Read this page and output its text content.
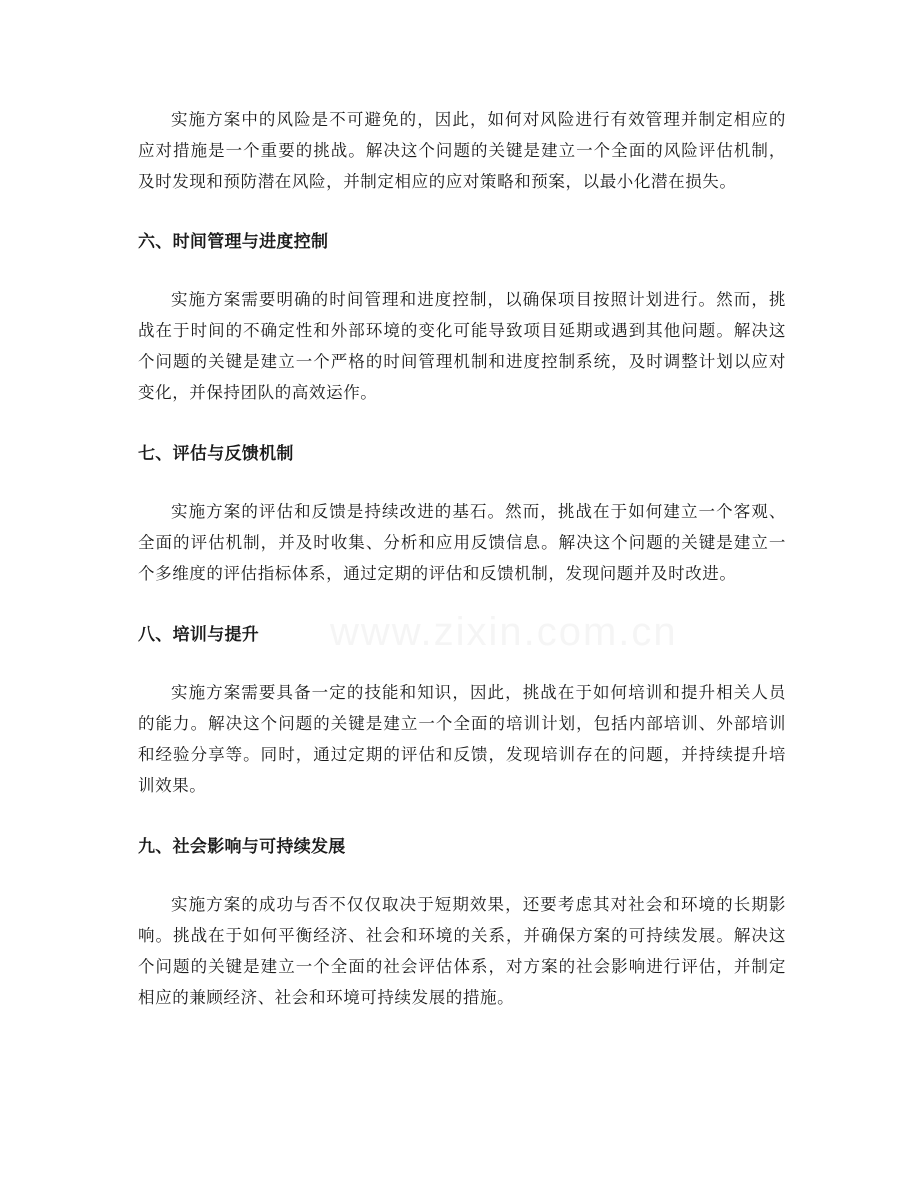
www.zixin.com.cn

实施方案中的风险是不可避免的，因此，如何对风险进行有效管理并制定相应的应对措施是一个重要的挑战。解决这个问题的关键是建立一个全面的风险评估机制，及时发现和预防潜在风险，并制定相应的应对策略和预案，以最小化潜在损失。

六、时间管理与进度控制

实施方案需要明确的时间管理和进度控制，以确保项目按照计划进行。然而，挑战在于时间的不确定性和外部环境的变化可能导致项目延期或遇到其他问题。解决这个问题的关键是建立一个严格的时间管理机制和进度控制系统，及时调整计划以应对变化，并保持团队的高效运作。

七、评估与反馈机制

实施方案的评估和反馈是持续改进的基石。然而，挑战在于如何建立一个客观、全面的评估机制，并及时收集、分析和应用反馈信息。解决这个问题的关键是建立一个多维度的评估指标体系，通过定期的评估和反馈机制，发现问题并及时改进。

八、培训与提升

实施方案需要具备一定的技能和知识，因此，挑战在于如何培训和提升相关人员的能力。解决这个问题的关键是建立一个全面的培训计划，包括内部培训、外部培训和经验分享等。同时，通过定期的评估和反馈，发现培训存在的问题，并持续提升培训效果。

九、社会影响与可持续发展

实施方案的成功与否不仅仅取决于短期效果，还要考虑其对社会和环境的长期影响。挑战在于如何平衡经济、社会和环境的关系，并确保方案的可持续发展。解决这个问题的关键是建立一个全面的社会评估体系，对方案的社会影响进行评估，并制定相应的兼顾经济、社会和环境可持续发展的措施。
